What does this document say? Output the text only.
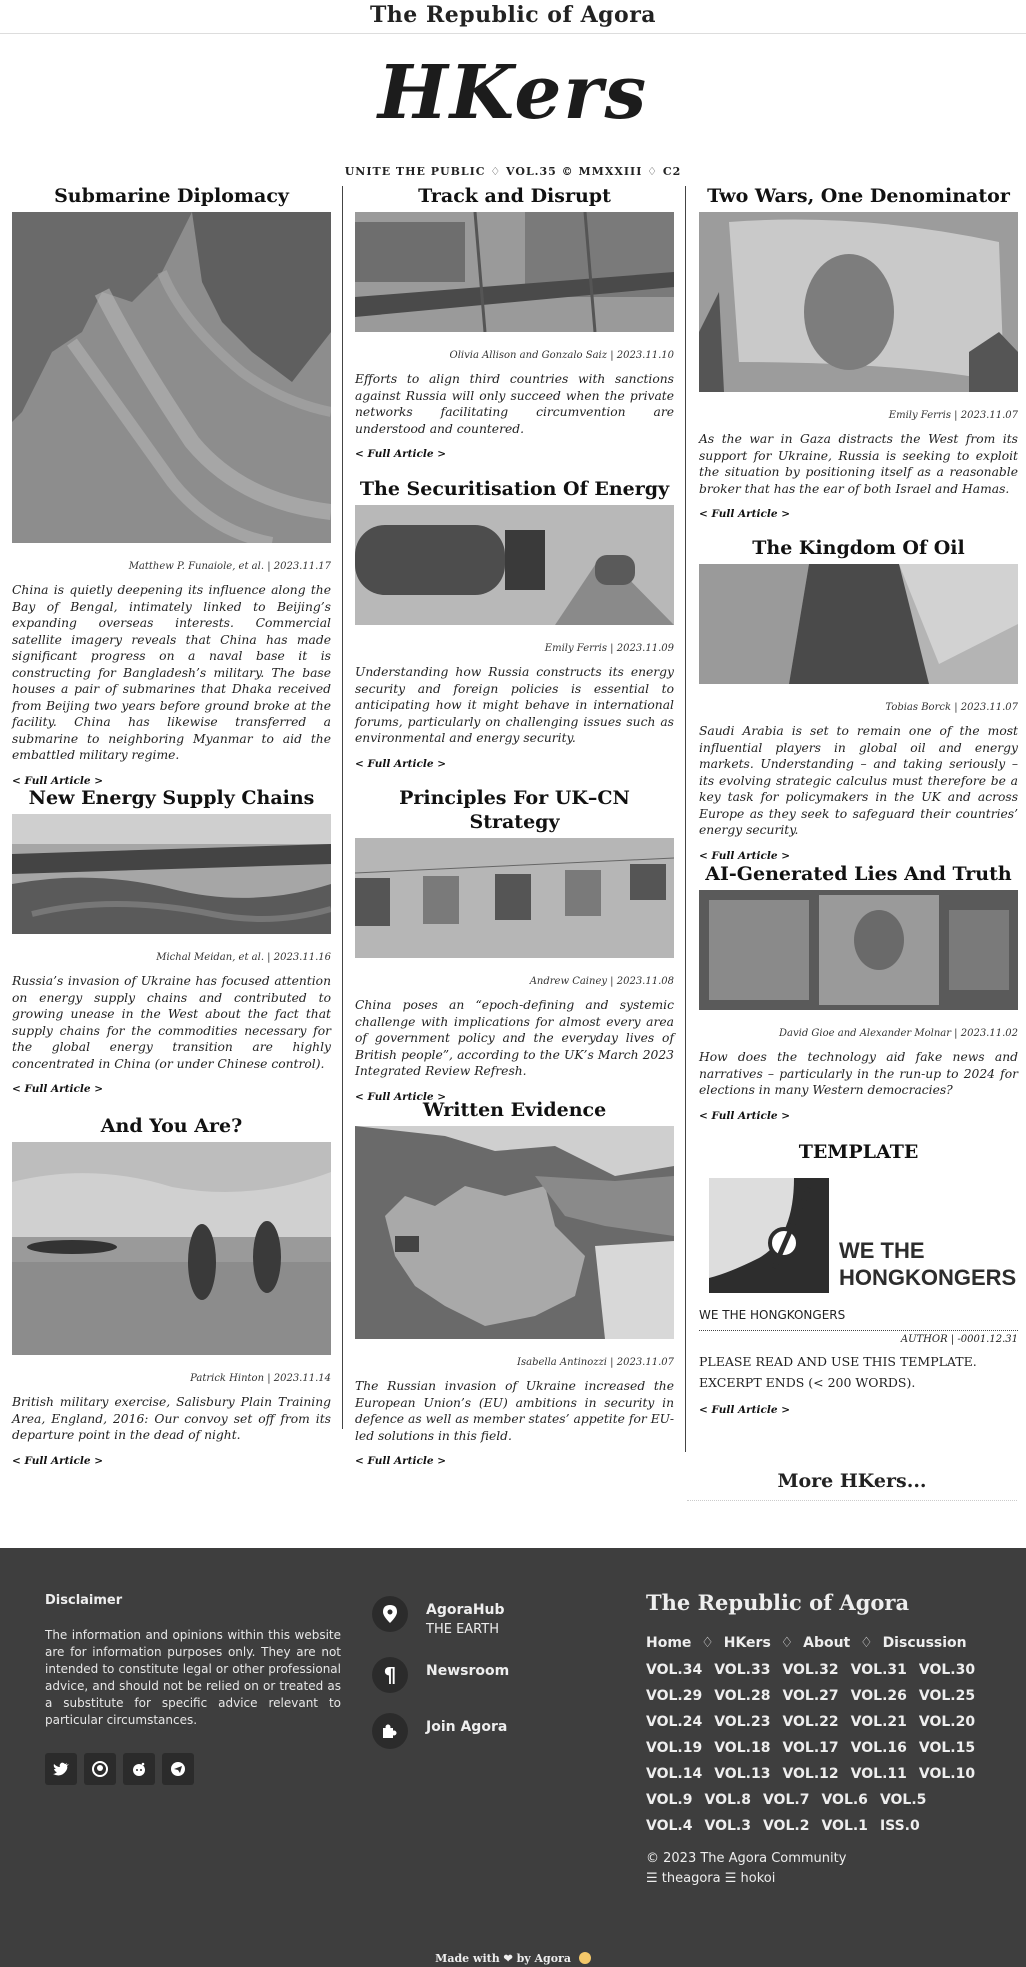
The Republic of Agora
HKers
UNITE THE PUBLIC ♢ VOL.35 © MMXXIII ♢ C2
Submarine Diplomacy
Matthew P. Funaiole, et al. | 2023.11.17
China is quietly deepening its influence along the Bay of Bengal, intimately linked to Beijing’s expanding overseas interests. Commercial satellite imagery reveals that China has made significant progress on a naval base it is constructing for Bangladesh’s military. The base houses a pair of submarines that Dhaka received from Beijing two years before ground broke at the facility. China has likewise transferred a submarine to neighboring Myanmar to aid the embattled military regime.
< Full Article >
New Energy Supply Chains
Michal Meidan, et al. | 2023.11.16
Russia’s invasion of Ukraine has focused attention on energy supply chains and contributed to growing unease in the West about the fact that supply chains for the commodities necessary for the global energy transition are highly concentrated in China (or under Chinese control).
< Full Article >
And You Are?
Patrick Hinton | 2023.11.14
British military exercise, Salisbury Plain Training Area, England, 2016: Our convoy set off from its departure point in the dead of night.
< Full Article >
Track and Disrupt
Olivia Allison and Gonzalo Saiz | 2023.11.10
Efforts to align third countries with sanctions against Russia will only succeed when the private networks facilitating circumvention are understood and countered.
< Full Article >
The Securitisation Of Energy
Emily Ferris | 2023.11.09
Understanding how Russia constructs its energy security and foreign policies is essential to anticipating how it might behave in international forums, particularly on challenging issues such as environmental and energy security.
< Full Article >
Principles For UK–CN Strategy
Andrew Cainey | 2023.11.08
China poses an “epoch-defining and systemic challenge with implications for almost every area of government policy and the everyday lives of British people”, according to the UK’s March 2023 Integrated Review Refresh.
< Full Article >
Written Evidence
Isabella Antinozzi | 2023.11.07
The Russian invasion of Ukraine increased the European Union’s (EU) ambitions in security in defence as well as member states’ appetite for EU-led solutions in this field.
< Full Article >
Two Wars, One Denominator
Emily Ferris | 2023.11.07
As the war in Gaza distracts the West from its support for Ukraine, Russia is seeking to exploit the situation by positioning itself as a reasonable broker that has the ear of both Israel and Hamas.
< Full Article >
The Kingdom Of Oil
Tobias Borck | 2023.11.07
Saudi Arabia is set to remain one of the most influential players in global oil and energy markets. Understanding – and taking seriously – its evolving strategic calculus must therefore be a key task for policymakers in the UK and across Europe as they seek to safeguard their countries’ energy security.
< Full Article >
AI-Generated Lies And Truth
David Gioe and Alexander Molnar | 2023.11.02
How does the technology aid fake news and narratives – particularly in the run-up to 2024 for elections in many Western democracies?
< Full Article >
TEMPLATE
WE THE
HONGKONGERS
WE THE HONGKONGERS
AUTHOR | -0001.12.31
PLEASE READ AND USE THIS TEMPLATE.
EXCERPT ENDS (< 200 WORDS).
< Full Article >
More HKers...
Disclaimer
The information and opinions within this website are for information purposes only. They are not intended to constitute legal or other professional advice, and should not be relied on or treated as a substitute for specific advice relevant to particular circumstances.
AgoraHub
THE EARTH
¶ Newsroom
Join Agora
The Republic of Agora
Home ♢ HKers ♢ About ♢ Discussion
VOL.34 VOL.33 VOL.32 VOL.31 VOL.30VOL.29 VOL.28 VOL.27 VOL.26 VOL.25VOL.24 VOL.23 VOL.22 VOL.21 VOL.20VOL.19 VOL.18 VOL.17 VOL.16 VOL.15VOL.14 VOL.13 VOL.12 VOL.11 VOL.10VOL.9 VOL.8 VOL.7 VOL.6 VOL.5VOL.4 VOL.3 VOL.2 VOL.1 ISS.0
© 2023 The Agora Community
☰ theagora ☰ hokoi
Made with ❤ by Agora
